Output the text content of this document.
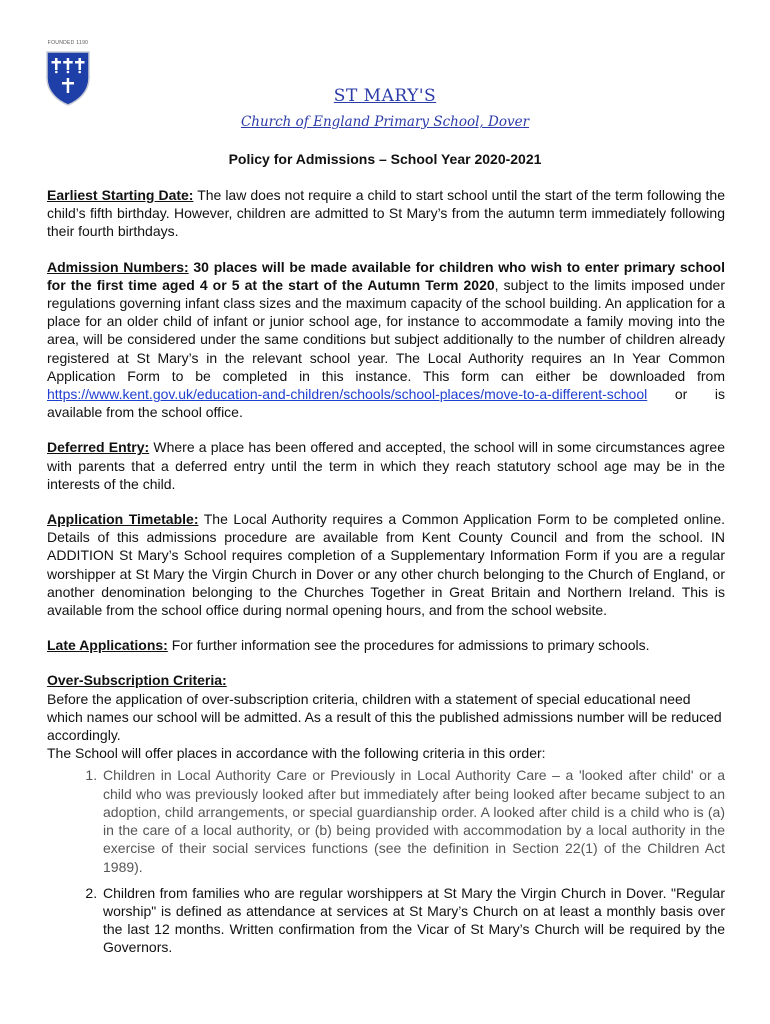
FOUNDED 1190
ST MARY'S
Church of England Primary School, Dover
Policy for Admissions – School Year 2020-2021

Earliest Starting Date: The law does not require a child to start school until the start of the term following the child’s fifth birthday. However, children are admitted to St Mary’s from the autumn term immediately following their fourth birthdays.

Admission Numbers: 30 places will be made available for children who wish to enter primary school for the first time aged 4 or 5 at the start of the Autumn Term 2020, subject to the limits imposed under regulations governing infant class sizes and the maximum capacity of the school building. An application for a place for an older child of infant or junior school age, for instance to accommodate a family moving into the area, will be considered under the same conditions but subject additionally to the number of children already registered at St Mary’s in the relevant school year. The Local Authority requires an In Year Common Application Form to be completed in this instance. This form can either be downloaded from https://www.kent.gov.uk/education-and-children/schools/school-places/move-to-a-different-school or is available from the school office.

Deferred Entry: Where a place has been offered and accepted, the school will in some circumstances agree with parents that a deferred entry until the term in which they reach statutory school age may be in the interests of the child.

Application Timetable: The Local Authority requires a Common Application Form to be completed online. Details of this admissions procedure are available from Kent County Council and from the school. IN ADDITION St Mary’s School requires completion of a Supplementary Information Form if you are a regular worshipper at St Mary the Virgin Church in Dover or any other church belonging to the Church of England, or another denomination belonging to the Churches Together in Great Britain and Northern Ireland. This is available from the school office during normal opening hours, and from the school website.

Late Applications: For further information see the procedures for admissions to primary schools.

Over-Subscription Criteria:
Before the application of over-subscription criteria, children with a statement of special educational need which names our school will be admitted. As a result of this the published admissions number will be reduced accordingly.
The School will offer places in accordance with the following criteria in this order:
1. Children in Local Authority Care or Previously in Local Authority Care – a 'looked after child' or a child who was previously looked after but immediately after being looked after became subject to an adoption, child arrangements, or special guardianship order. A looked after child is a child who is (a) in the care of a local authority, or (b) being provided with accommodation by a local authority in the exercise of their social services functions (see the definition in Section 22(1) of the Children Act 1989).
2. Children from families who are regular worshippers at St Mary the Virgin Church in Dover. "Regular worship" is defined as attendance at services at St Mary’s Church on at least a monthly basis over the last 12 months. Written confirmation from the Vicar of St Mary’s Church will be required by the Governors.
